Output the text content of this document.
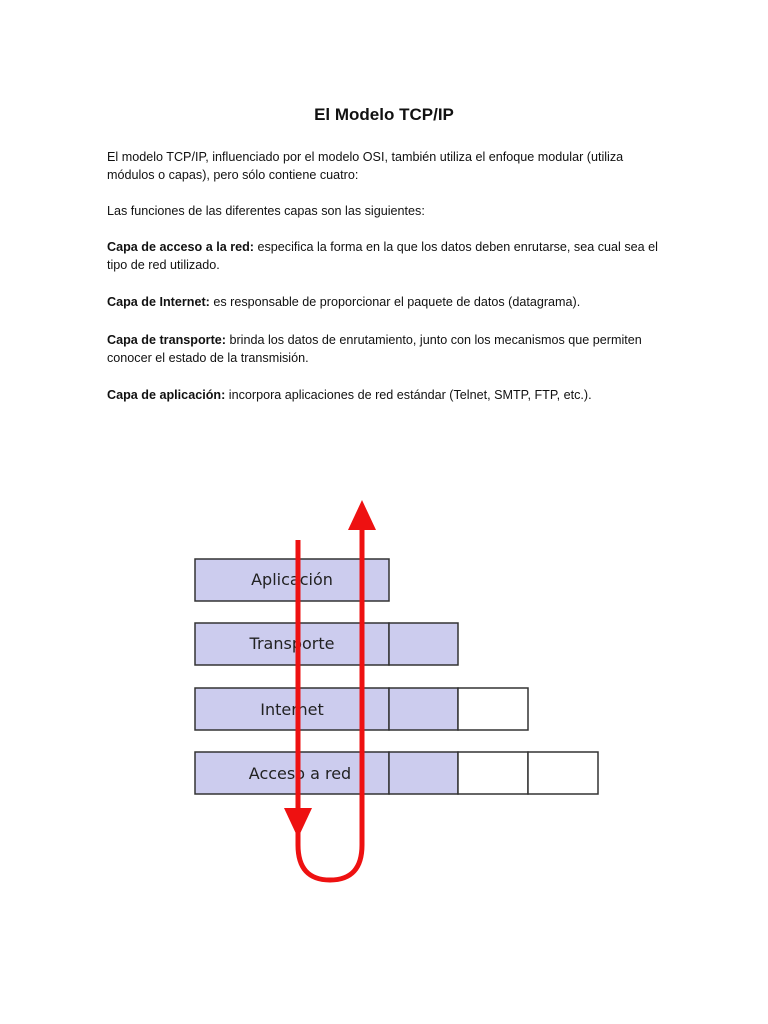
El Modelo TCP/IP
El modelo TCP/IP, influenciado por el modelo OSI, también utiliza el enfoque modular (utiliza módulos o capas), pero sólo contiene cuatro:
Las funciones de las diferentes capas son las siguientes:
Capa de acceso a la red: especifica la forma en la que los datos deben enrutarse, sea cual sea el tipo de red utilizado.
Capa de Internet: es responsable de proporcionar el paquete de datos (datagrama).
Capa de transporte: brinda los datos de enrutamiento, junto con los mecanismos que permiten conocer el estado de la transmisión.
Capa de aplicación: incorpora aplicaciones de red estándar (Telnet, SMTP, FTP, etc.).
Aplicación
Transporte
Internet
Acceso a red
